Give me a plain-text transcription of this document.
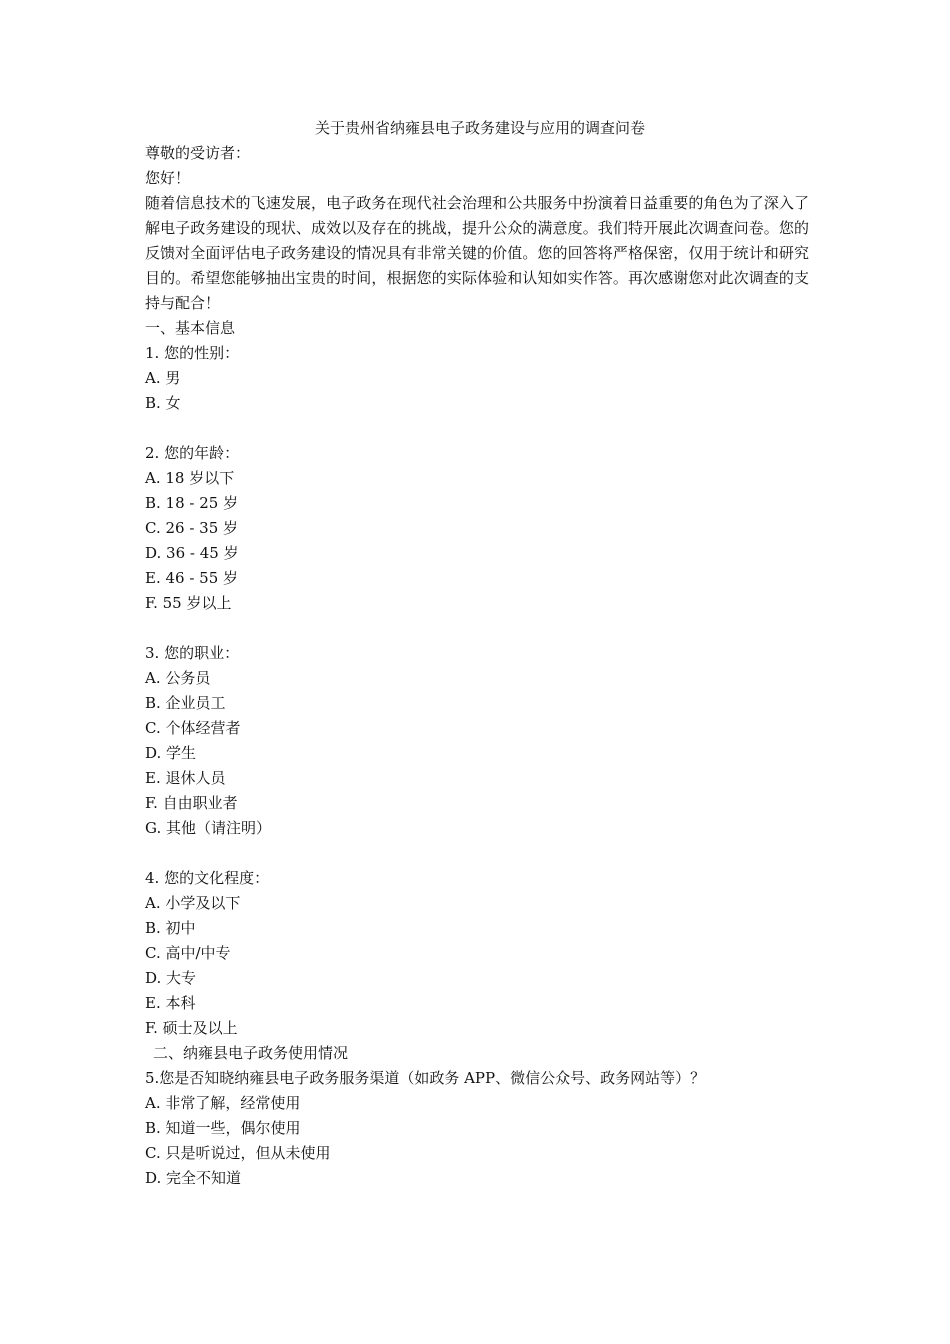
关于贵州省纳雍县电子政务建设与应用的调查问卷

尊敬的受访者：

您好！

随着信息技术的飞速发展，电子政务在现代社会治理和公共服务中扮演着日益重要的角色为了深入了解电子政务建设的现状、成效以及存在的挑战，提升公众的满意度。我们特开展此次调查问卷。您的反馈对全面评估电子政务建设的情况具有非常关键的价值。您的回答将严格保密，仅用于统计和研究目的。希望您能够抽出宝贵的时间，根据您的实际体验和认知如实作答。再次感谢您对此次调查的支持与配合！

一、基本信息

1. 您的性别：

A. 男

B. 女

2. 您的年龄：

A. 18 岁以下

B. 18 - 25 岁

C. 26 - 35 岁

D. 36 - 45 岁

E. 46 - 55 岁

F. 55 岁以上

3. 您的职业：

A. 公务员

B. 企业员工

C. 个体经营者

D. 学生

E. 退休人员

F. 自由职业者

G. 其他（请注明）

4. 您的文化程度：

A. 小学及以下

B. 初中

C. 高中/中专

D. 大专

E. 本科

F. 硕士及以上

二、纳雍县电子政务使用情况

5.您是否知晓纳雍县电子政务服务渠道（如政务 APP、微信公众号、政务网站等）？

A. 非常了解，经常使用

B. 知道一些，偶尔使用

C. 只是听说过，但从未使用

D. 完全不知道
